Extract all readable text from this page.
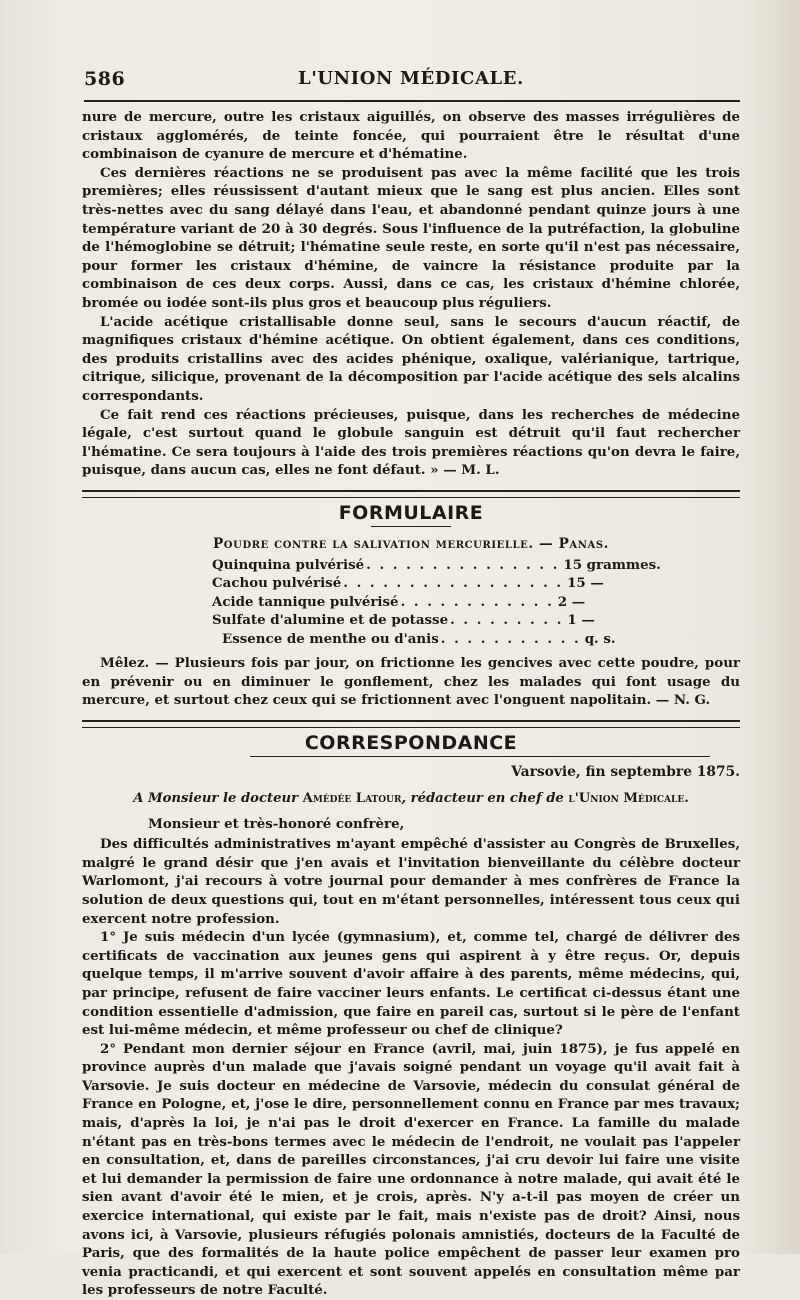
586	L'UNION MÉDICALE.

nure de mercure, outre les cristaux aiguillés, on observe des masses irrégulières de cristaux agglomérés, de teinte foncée, qui pourraient être le résultat d'une combinaison de cyanure de mercure et d'hématine.

Ces dernières réactions ne se produisent pas avec la même facilité que les trois premières; elles réussissent d'autant mieux que le sang est plus ancien. Elles sont très-nettes avec du sang délayé dans l'eau, et abandonné pendant quinze jours à une température variant de 20 à 30 degrés. Sous l'influence de la putréfaction, la globuline de l'hémoglobine se détruit; l'hématine seule reste, en sorte qu'il n'est pas nécessaire, pour former les cristaux d'hémine, de vaincre la résistance produite par la combinaison de ces deux corps. Aussi, dans ce cas, les cristaux d'hémine chlorée, bromée ou iodée sont-ils plus gros et beaucoup plus réguliers.

L'acide acétique cristallisable donne seul, sans le secours d'aucun réactif, de magnifiques cristaux d'hémine acétique. On obtient également, dans ces conditions, des produits cristallins avec des acides phénique, oxalique, valérianique, tartrique, citrique, silicique, provenant de la décomposition par l'acide acétique des sels alcalins correspondants.

Ce fait rend ces réactions précieuses, puisque, dans les recherches de médecine légale, c'est surtout quand le globule sanguin est détruit qu'il faut rechercher l'hématine. Ce sera toujours à l'aide des trois premières réactions qu'on devra le faire, puisque, dans aucun cas, elles ne font défaut. » — M. L.

FORMULAIRE
Poudre contre la salivation mercurielle. — Panas.
Quinquina pulvérisé . . . . . . . . . . . . . . . 15 grammes.
Cachou pulvérisé . . . . . . . . . . . . . . . . . 15 —
Acide tannique pulvérisé . . . . . . . . . . . . 2 —
Sulfate d'alumine et de potasse . . . . . . . . . 1 —
Essence de menthe ou d'anis . . . . . . . . . . . q. s.

Mêlez. — Plusieurs fois par jour, on frictionne les gencives avec cette poudre, pour en prévenir ou en diminuer le gonflement, chez les malades qui font usage du mercure, et surtout chez ceux qui se frictionnent avec l'onguent napolitain. — N. G.

CORRESPONDANCE
Varsovie, fin septembre 1875.
A Monsieur le docteur Amédée Latour, rédacteur en chef de l'Union Médicale.
Monsieur et très-honoré confrère,

Des difficultés administratives m'ayant empêché d'assister au Congrès de Bruxelles, malgré le grand désir que j'en avais et l'invitation bienveillante du célèbre docteur Warlomont, j'ai recours à votre journal pour demander à mes confrères de France la solution de deux questions qui, tout en m'étant personnelles, intéressent tous ceux qui exercent notre profession.

1° Je suis médecin d'un lycée (gymnasium), et, comme tel, chargé de délivrer des certificats de vaccination aux jeunes gens qui aspirent à y être reçus. Or, depuis quelque temps, il m'arrive souvent d'avoir affaire à des parents, même médecins, qui, par principe, refusent de faire vacciner leurs enfants. Le certificat ci-dessus étant une condition essentielle d'admission, que faire en pareil cas, surtout si le père de l'enfant est lui-même médecin, et même professeur ou chef de clinique?

2° Pendant mon dernier séjour en France (avril, mai, juin 1875), je fus appelé en province auprès d'un malade que j'avais soigné pendant un voyage qu'il avait fait à Varsovie. Je suis docteur en médecine de Varsovie, médecin du consulat général de France en Pologne, et, j'ose le dire, personnellement connu en France par mes travaux; mais, d'après la loi, je n'ai pas le droit d'exercer en France. La famille du malade n'étant pas en très-bons termes avec le médecin de l'endroit, ne voulait pas l'appeler en consultation, et, dans de pareilles circonstances, j'ai cru devoir lui faire une visite et lui demander la permission de faire une ordonnance à notre malade, qui avait été le sien avant d'avoir été le mien, et je crois, après. N'y a-t-il pas moyen de créer un exercice international, qui existe par le fait, mais n'existe pas de droit? Ainsi, nous avons ici, à Varsovie, plusieurs réfugiés polonais amnistiés, docteurs de la Faculté de Paris, que des formalités de la haute police empêchent de passer leur examen pro venia practicandi, et qui exercent et sont souvent appelés en consultation même par les professeurs de notre Faculté.
